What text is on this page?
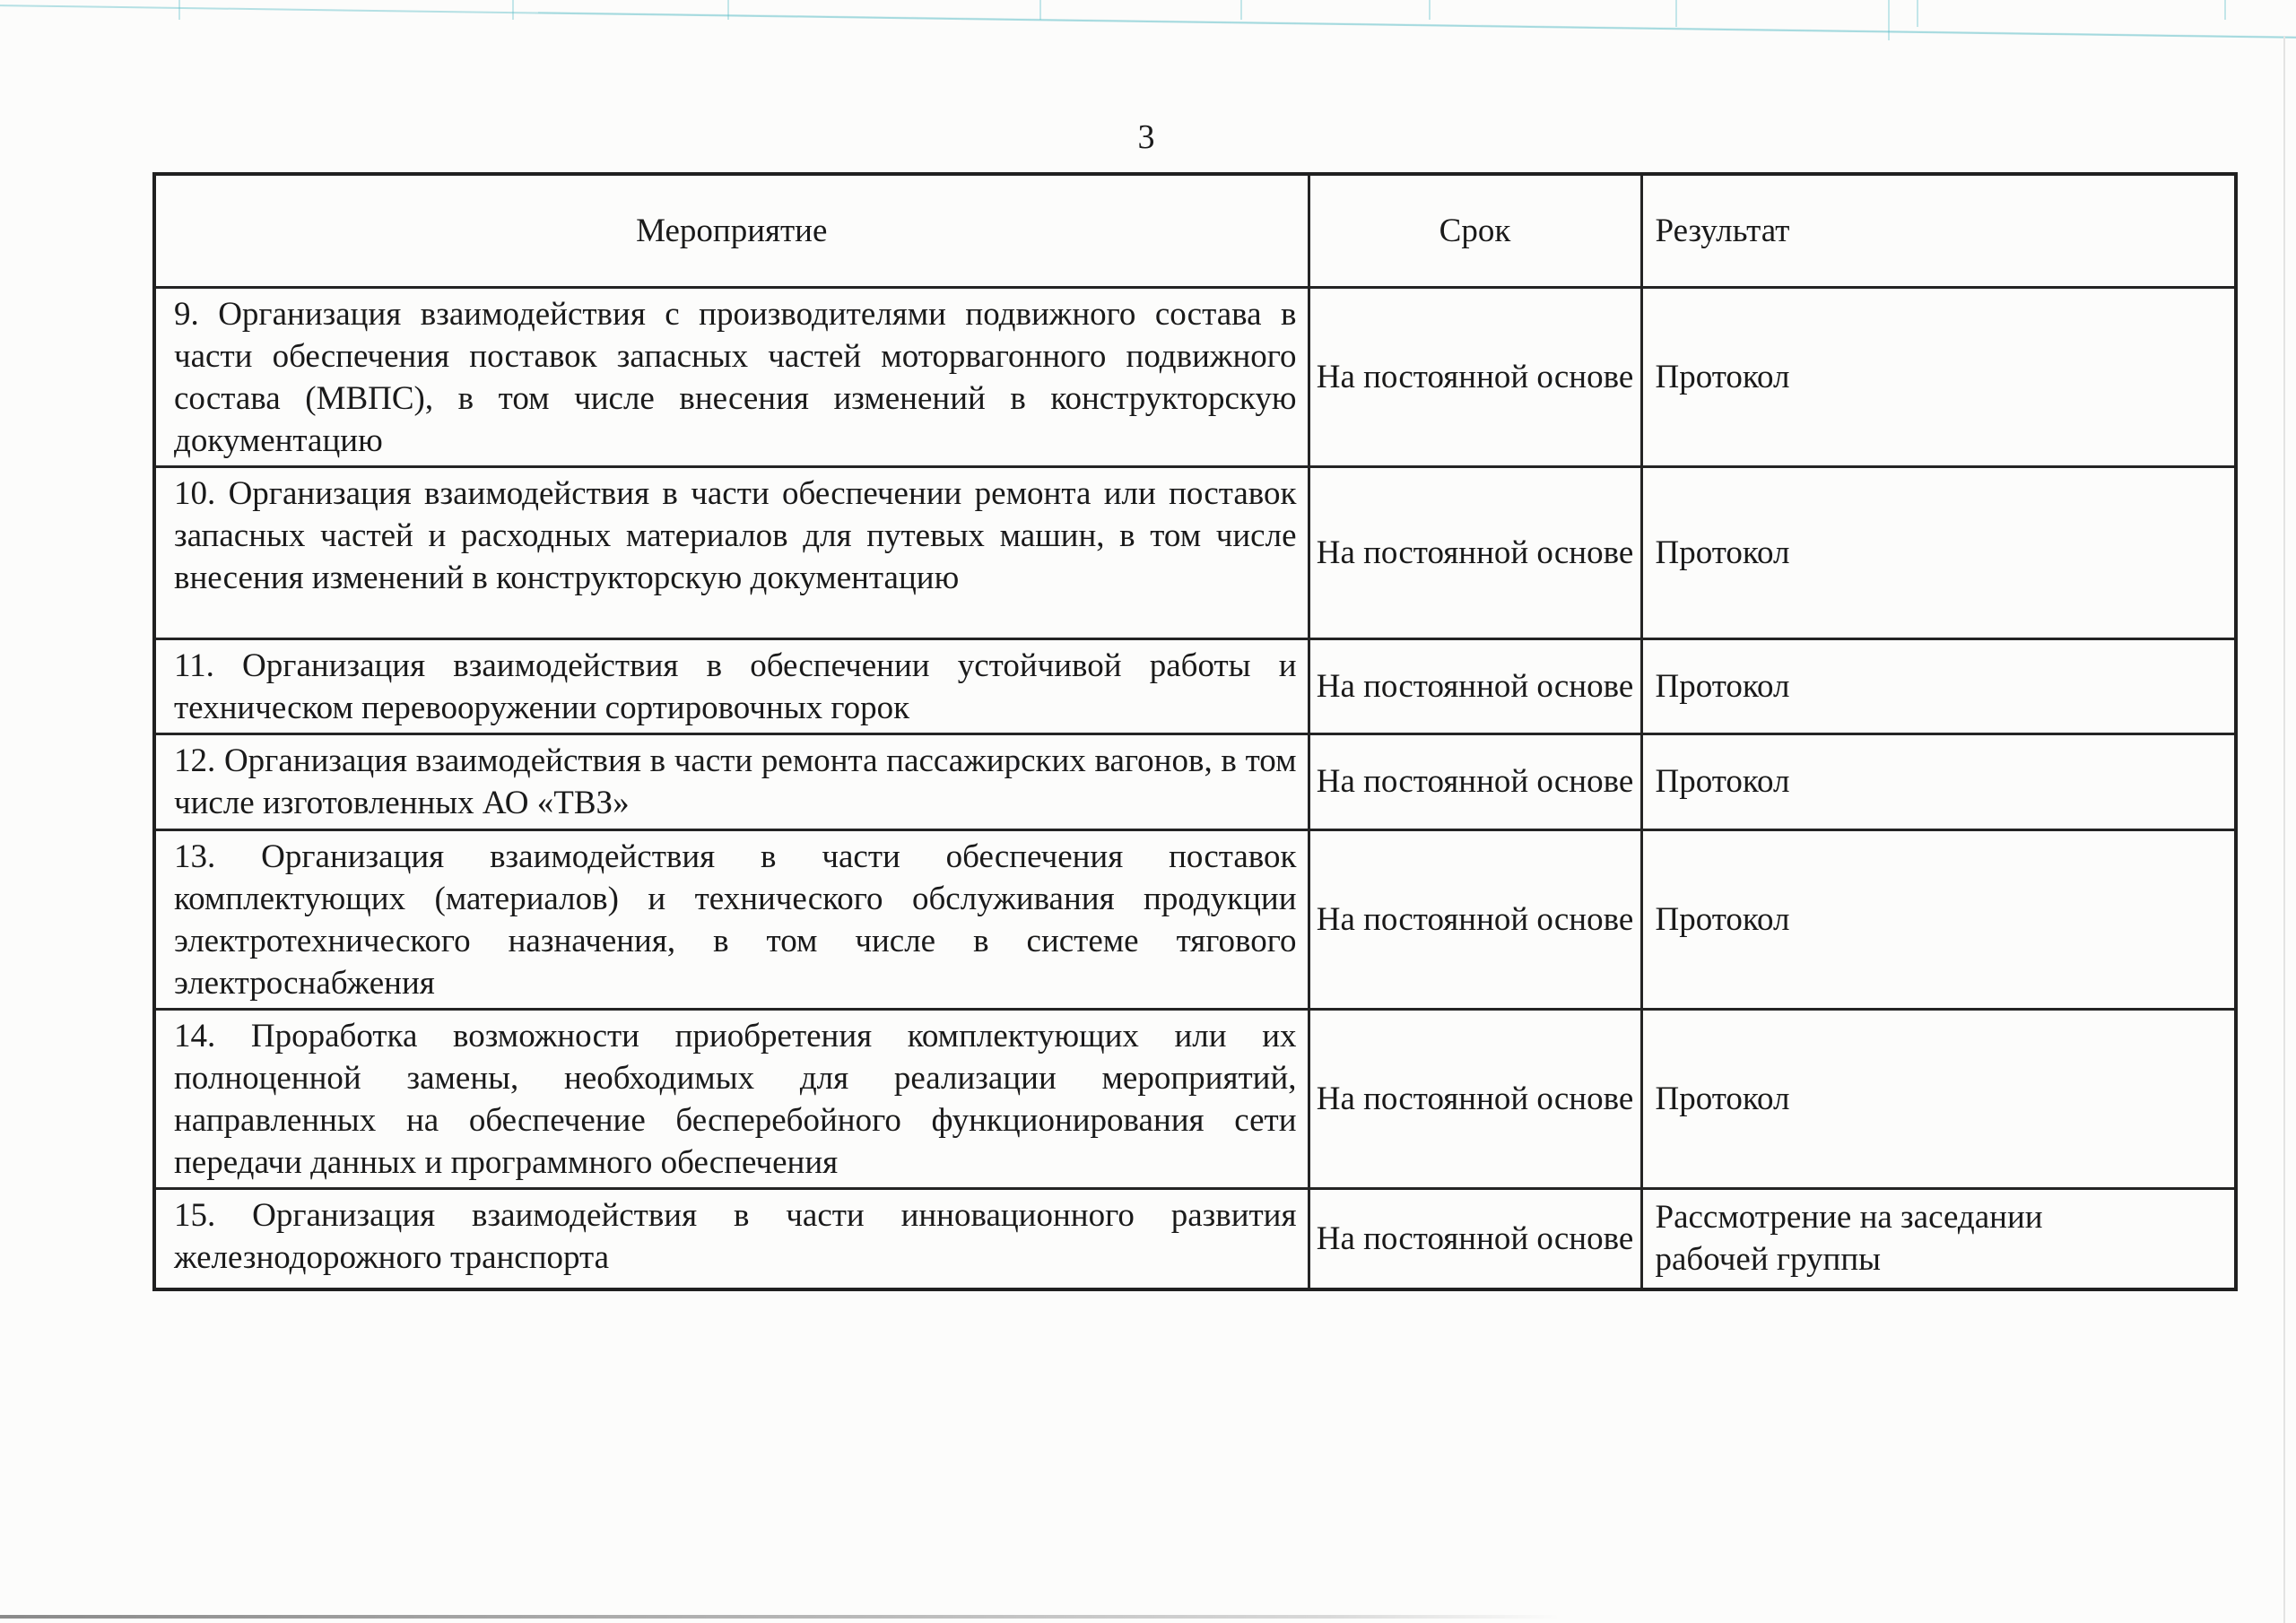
3
Мероприятие	Срок	Результат
9. Организация взаимодействия с производителями подвижного состава в части обеспечения поставок запасных частей моторвагонного подвижного состава (МВПС), в том числе внесения изменений в конструкторскую документацию	На постоянной основе	Протокол

10. Организация взаимодействия в части обеспечении ремонта или поставок запасных частей и расходных материалов для путевых машин, в том числе внесения изменений в конструкторскую документацию	На постоянной основе	Протокол

11. Организация взаимодействия в обеспечении устойчивой работы и техническом перевооружении сортировочных горок	На постоянной основе	Протокол

12. Организация взаимодействия в части ремонта пассажирских вагонов, в том числе изготовленных АО «ТВЗ»	На постоянной основе	Протокол

13. Организация взаимодействия в части обеспечения поставок комплектующих (материалов) и технического обслуживания продукции электротехнического назначения, в том числе в системе тягового электроснабжения	На постоянной основе	Протокол

14. Проработка возможности приобретения комплектующих или их полноценной замены, необходимых для реализации мероприятий, направленных на обеспечение бесперебойного функционирования сети передачи данных и программного обеспечения	На постоянной основе	Протокол

15. Организация взаимодействия в части инновационного развития железнодорожного транспорта	На постоянной основе	Рассмотрение на заседании рабочей группы
